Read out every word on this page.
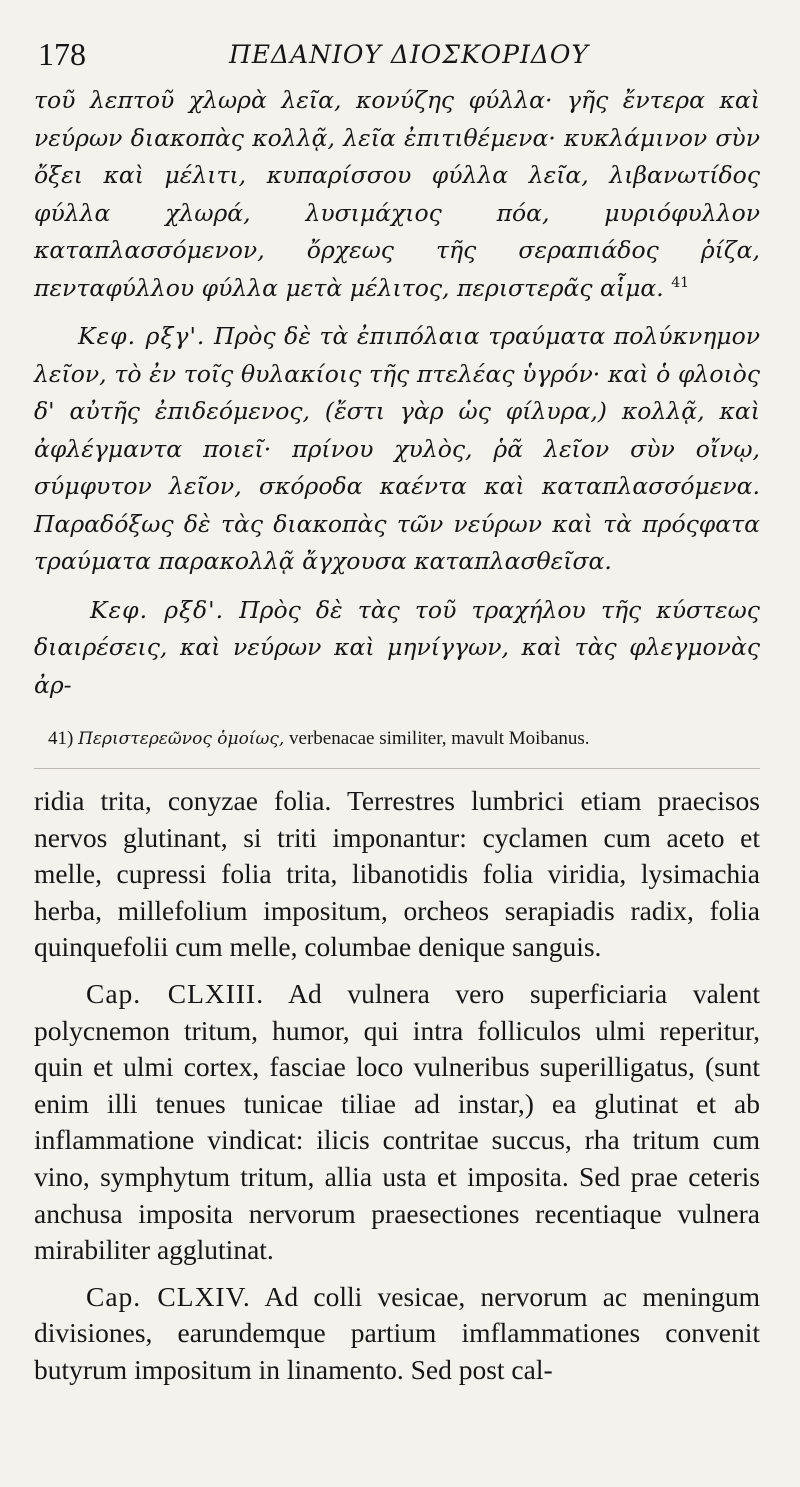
178	ΠΕΔΑΝΙΟΥ ΔΙΟΣΚΟΡΙΔΟΥ

τοῦ λεπτοῦ χλωρὰ λεῖα, κονύζης φύλλα· γῆς ἔντερα καὶ νεύρων διακοπὰς κολλᾷ, λεῖα ἐπιτιθέμενα· κυκλάμινον σὺν ὄξει καὶ μέλιτι, κυπαρίσσου φύλλα λεῖα, λιβανωτίδος φύλλα χλωρά, λυσιμάχιος πόα, μυριόφυλλον καταπλασσόμενον, ὄρχεως τῆς σεραπιάδος ῥίζα, πενταφύλλου φύλλα μετὰ μέλιτος, περιστερᾶς αἷμα. $^{41}$

Κεφ. ρξγ'. Πρὸς δὲ τὰ ἐπιπόλαια τραύματα πολύκνημον λεῖον, τὸ ἐν τοῖς θυλακίοις τῆς πτελέας ὑγρόν· καὶ ὁ φλοιὸς δ' αὐτῆς ἐπιδεόμενος, (ἔστι γὰρ ὡς φίλυρα,) κολλᾷ, καὶ ἀφλέγμαντα ποιεῖ· πρίνου χυλὸς, ῥᾶ λεῖον σὺν οἴνῳ, σύμφυτον λεῖον, σκόροδα καέντα καὶ καταπλασσόμενα. Παραδόξως δὲ τὰς διακοπὰς τῶν νεύρων καὶ τὰ πρόςφατα τραύματα παρακολλᾷ ἄγχουσα καταπλασθεῖσα.

Κεφ. ρξδ'. Πρὸς δὲ τὰς τοῦ τραχήλου τῆς κύστεως διαιρέσεις, καὶ νεύρων καὶ μηνίγγων, καὶ τὰς φλεγμονὰς ἀρ-

41) Περιστερεῶνος ὁμοίως, verbenacae similiter, mavult Moibanus.

ridia trita, conyzae folia. Terrestres lumbrici etiam praecisos nervos glutinant, si triti imponantur: cyclamen cum aceto et melle, cupressi folia trita, libanotidis folia viridia, lysimachia herba, millefolium impositum, orcheos serapiadis radix, folia quinquefolii cum melle, columbae denique sanguis.

Cap. CLXIII. Ad vulnera vero superficiaria valent polycnemon tritum, humor, qui intra folliculos ulmi reperitur, quin et ulmi cortex, fasciae loco vulneribus superilligatus, (sunt enim illi tenues tunicae tiliae ad instar,) ea glutinat et ab inflammatione vindicat: ilicis contritae succus, rha tritum cum vino, symphytum tritum, allia usta et imposita. Sed prae ceteris anchusa imposita nervorum praesectiones recentiaque vulnera mirabiliter agglutinat.

Cap. CLXIV. Ad colli vesicae, nervorum ac meningum divisiones, earundemque partium imflammationes convenit butyrum impositum in linamento. Sed post cal-
